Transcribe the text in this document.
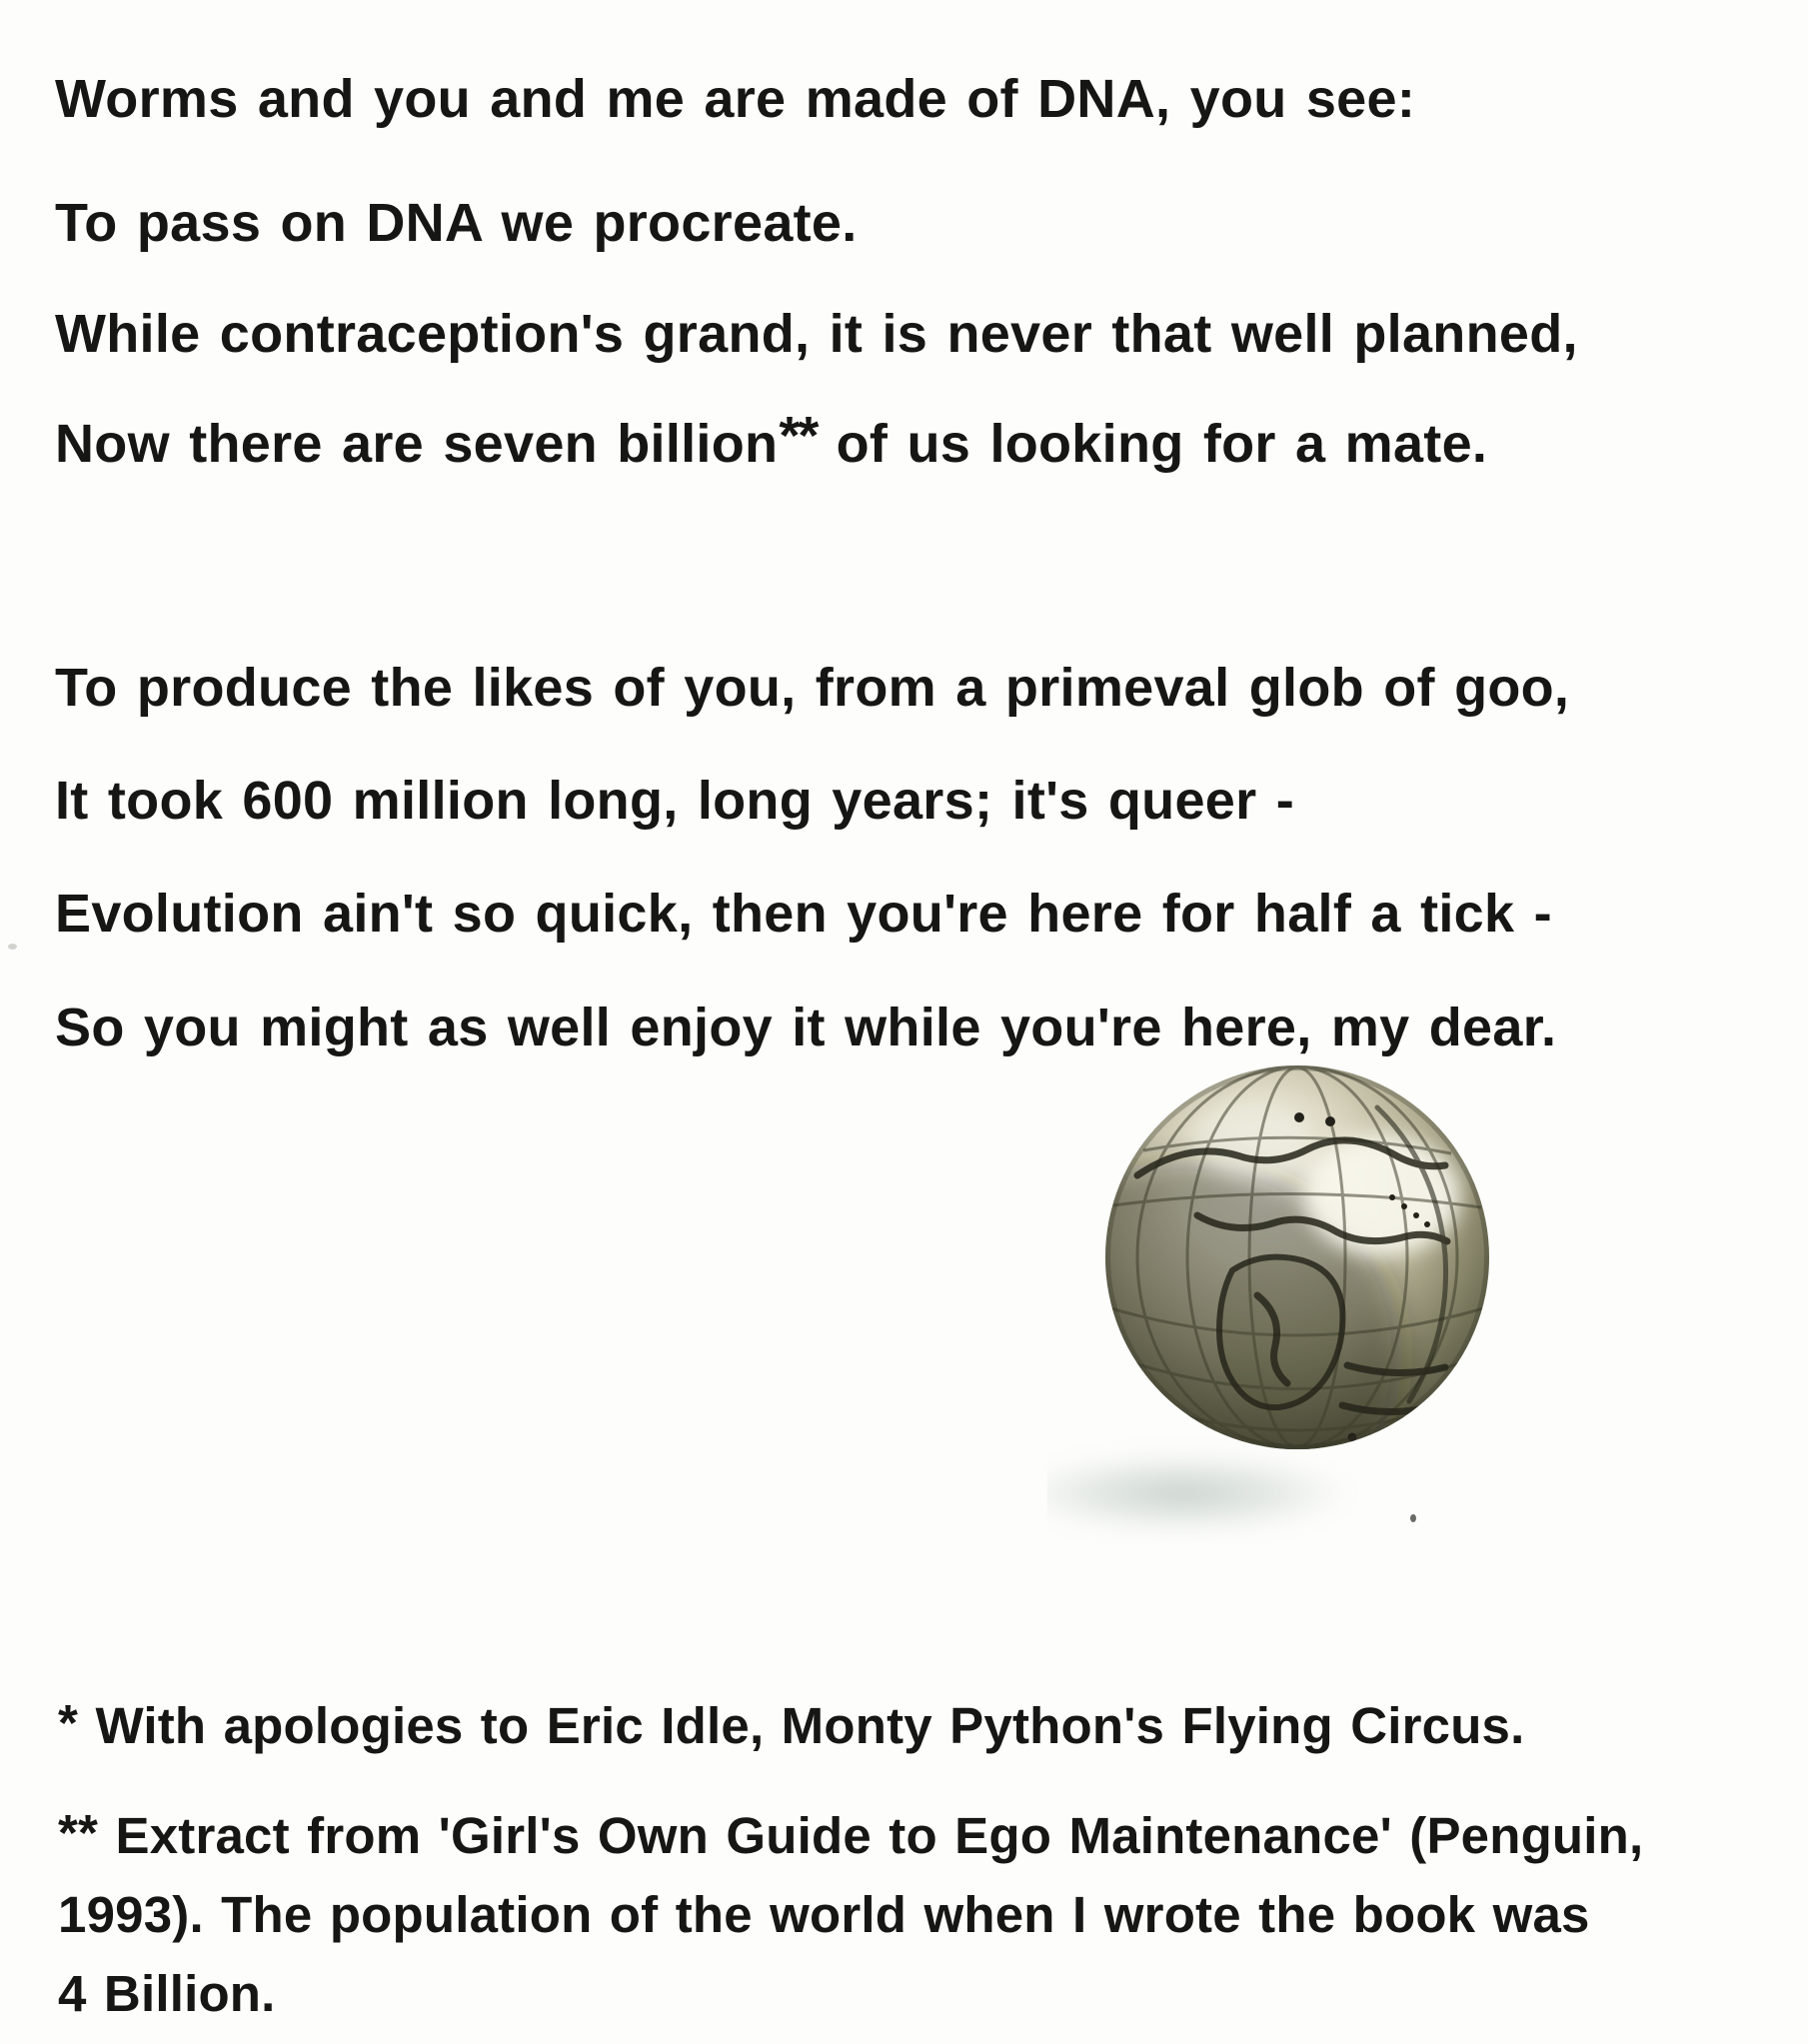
Worms and you and me are made of DNA, you see:

To pass on DNA we procreate.

While contraception's grand, it is never that well planned,

Now there are seven billion** of us looking for a mate.

To produce the likes of you, from a primeval glob of goo,

It took 600 million long, long years; it's queer -

Evolution ain't so quick, then you're here for half a tick -

So you might as well enjoy it while you're here, my dear.

* With apologies to Eric Idle, Monty Python's Flying Circus.

** Extract from 'Girl's Own Guide to Ego Maintenance' (Penguin,
1993). The population of the world when I wrote the book was
4 Billion.
